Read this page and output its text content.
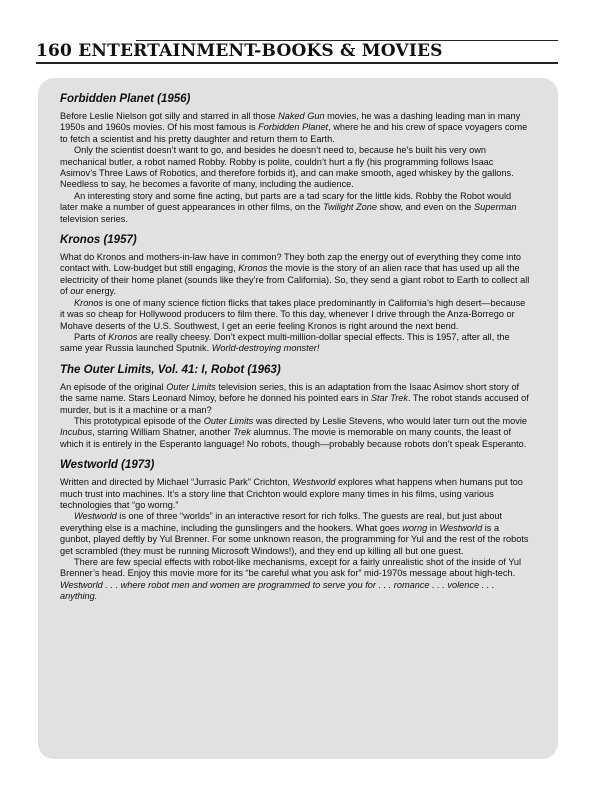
160 ENTERTAINMENT-BOOKS & MOVIES
Forbidden Planet (1956)

Before Leslie Nielson got silly and starred in all those Naked Gun movies, he was a dashing leading man in many 1950s and 1960s movies. Of his most famous is Forbidden Planet, where he and his crew of space voyagers come to fetch a scientist and his pretty daughter and return them to Earth.

Only the scientist doesn’t want to go, and besides he doesn’t need to, because he’s built his very own mechanical butler, a robot named Robby. Robby is polite, couldn’t hurt a fly (his programming follows Isaac Asimov’s Three Laws of Robotics, and therefore forbids it), and can make smooth, aged whiskey by the gallons. Needless to say, he becomes a favorite of many, including the audience.

An interesting story and some fine acting, but parts are a tad scary for the little kids. Robby the Robot would later make a number of guest appearances in other films, on the Twilight Zone show, and even on the Superman television series.

Kronos (1957)

What do Kronos and mothers-in-law have in common? They both zap the energy out of everything they come into contact with. Low-budget but still engaging, Kronos the movie is the story of an alien race that has used up all the electricity of their home planet (sounds like they’re from California). So, they send a giant robot to Earth to collect all of our energy.

Kronos is one of many science fiction flicks that takes place predominantly in California’s high desert—because it was so cheap for Hollywood producers to film there. To this day, whenever I drive through the Anza-Borrego or Mohave deserts of the U.S. Southwest, I get an eerie feeling Kronos is right around the next bend.

Parts of Kronos are really cheesy. Don’t expect multi-million-dollar special effects. This is 1957, after all, the same year Russia launched Sputnik. World-destroying monster!

The Outer Limits, Vol. 41: I, Robot (1963)

An episode of the original Outer Limits television series, this is an adaptation from the Isaac Asimov short story of the same name. Stars Leonard Nimoy, before he donned his pointed ears in Star Trek. The robot stands accused of murder, but is it a machine or a man?

This prototypical episode of the Outer Limits was directed by Leslie Stevens, who would later turn out the movie Incubus, starring William Shatner, another Trek alumnus. The movie is memorable on many counts, the least of which it is entirely in the Esperanto language! No robots, though—probably because robots don’t speak Esperanto.

Westworld (1973)

Written and directed by Michael “Jurrasic Park” Crichton, Westworld explores what happens when humans put too much trust into machines. It’s a story line that Crichton would explore many times in his films, using various technologies that “go worng.”

Westworld is one of three “worlds” in an interactive resort for rich folks. The guests are real, but just about everything else is a machine, including the gunslingers and the hookers. What goes worng in Westworld is a gunbot, played deftly by Yul Brenner. For some unknown reason, the programming for Yul and the rest of the robots get scrambled (they must be running Microsoft Windows!), and they end up killing all but one guest.

There are few special effects with robot-like mechanisms, except for a fairly unrealistic shot of the inside of Yul Brenner’s head. Enjoy this movie more for its “be careful what you ask for” mid-1970s message about high-tech. Westworld . . . where robot men and women are programmed to serve you for . . . romance . . . volence . . . anything.
